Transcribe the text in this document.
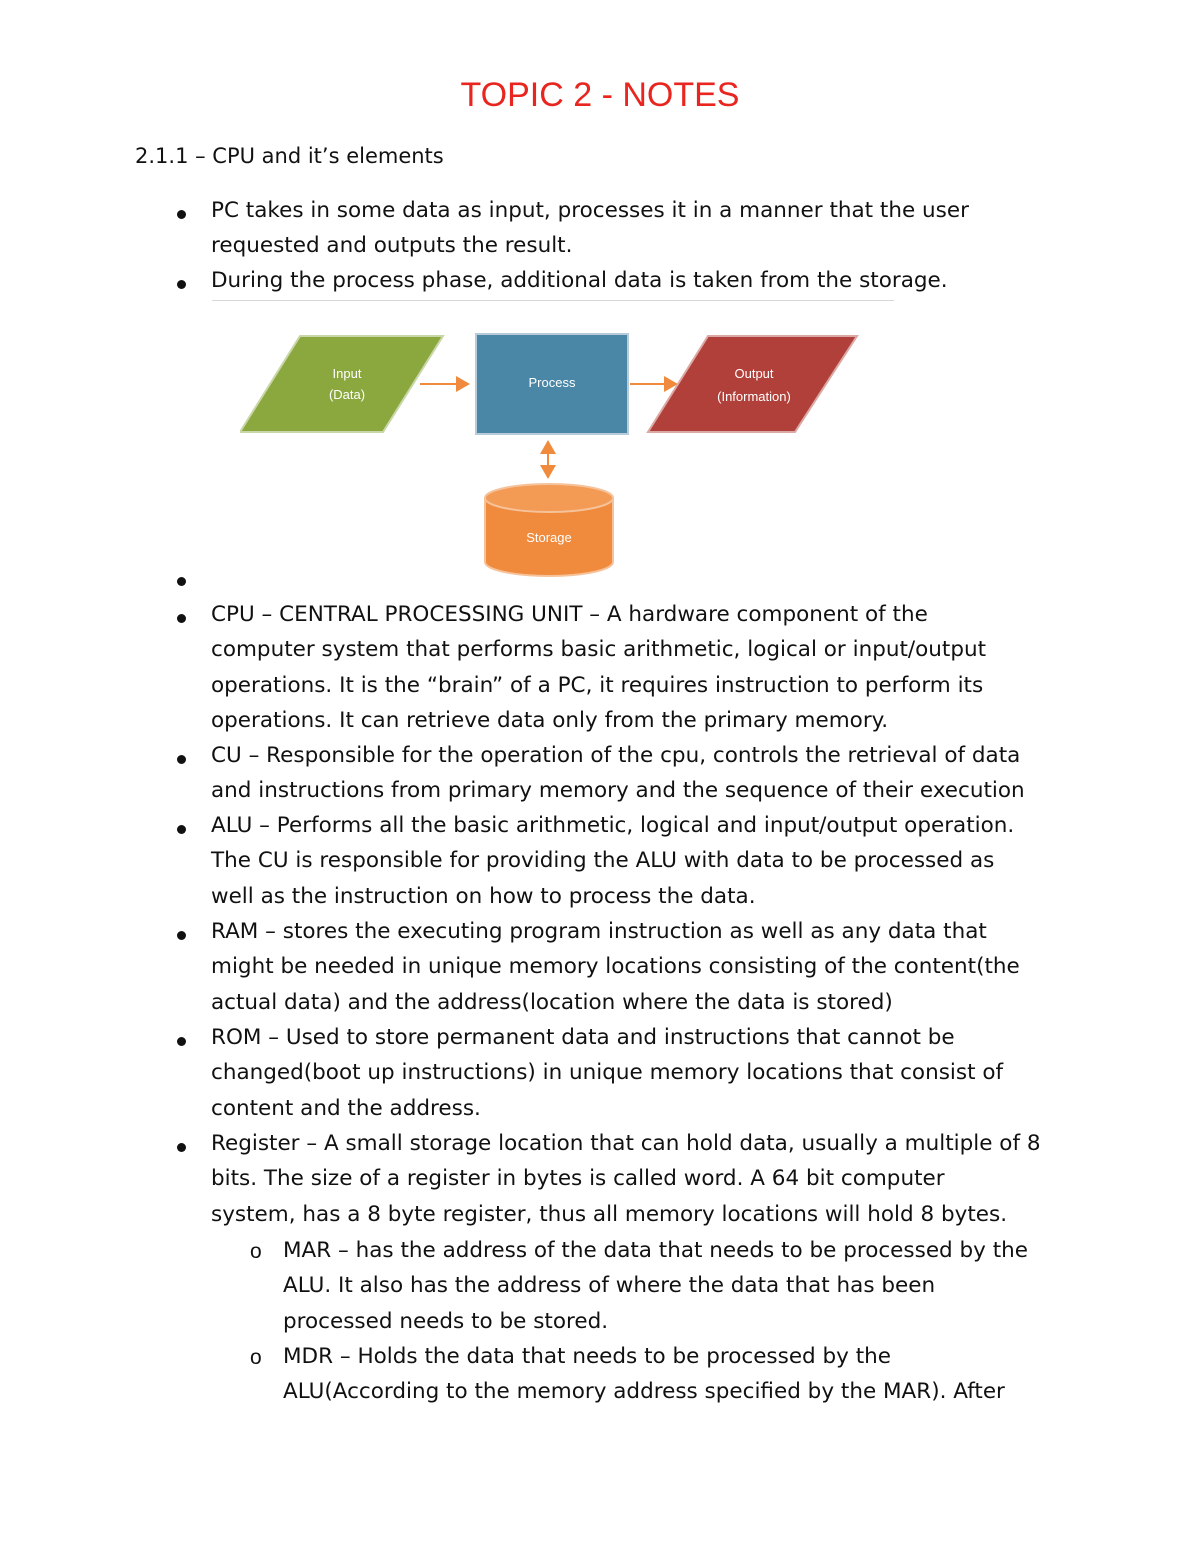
TOPIC 2 - NOTES
2.1.1 – CPU and it’s elements
PC takes in some data as input, processes it in a manner that the user
requested and outputs the result.
During the process phase, additional data is taken from the storage.
Input
(Data)
Process
Output
(Information)
Storage
CPU – CENTRAL PROCESSING UNIT – A hardware component of the
computer system that performs basic arithmetic, logical or input/output
operations. It is the “brain” of a PC, it requires instruction to perform its
operations. It can retrieve data only from the primary memory.
CU – Responsible for the operation of the cpu, controls the retrieval of data
and instructions from primary memory and the sequence of their execution
ALU – Performs all the basic arithmetic, logical and input/output operation.
The CU is responsible for providing the ALU with data to be processed as
well as the instruction on how to process the data.
RAM – stores the executing program instruction as well as any data that
might be needed in unique memory locations consisting of the content(the
actual data) and the address(location where the data is stored)
ROM – Used to store permanent data and instructions that cannot be
changed(boot up instructions) in unique memory locations that consist of
content and the address.
Register – A small storage location that can hold data, usually a multiple of 8
bits. The size of a register in bytes is called word. A 64 bit computer
system, has a 8 byte register, thus all memory locations will hold 8 bytes.
o MAR – has the address of the data that needs to be processed by the
ALU. It also has the address of where the data that has been
processed needs to be stored.
o MDR – Holds the data that needs to be processed by the
ALU(According to the memory address specified by the MAR). After
